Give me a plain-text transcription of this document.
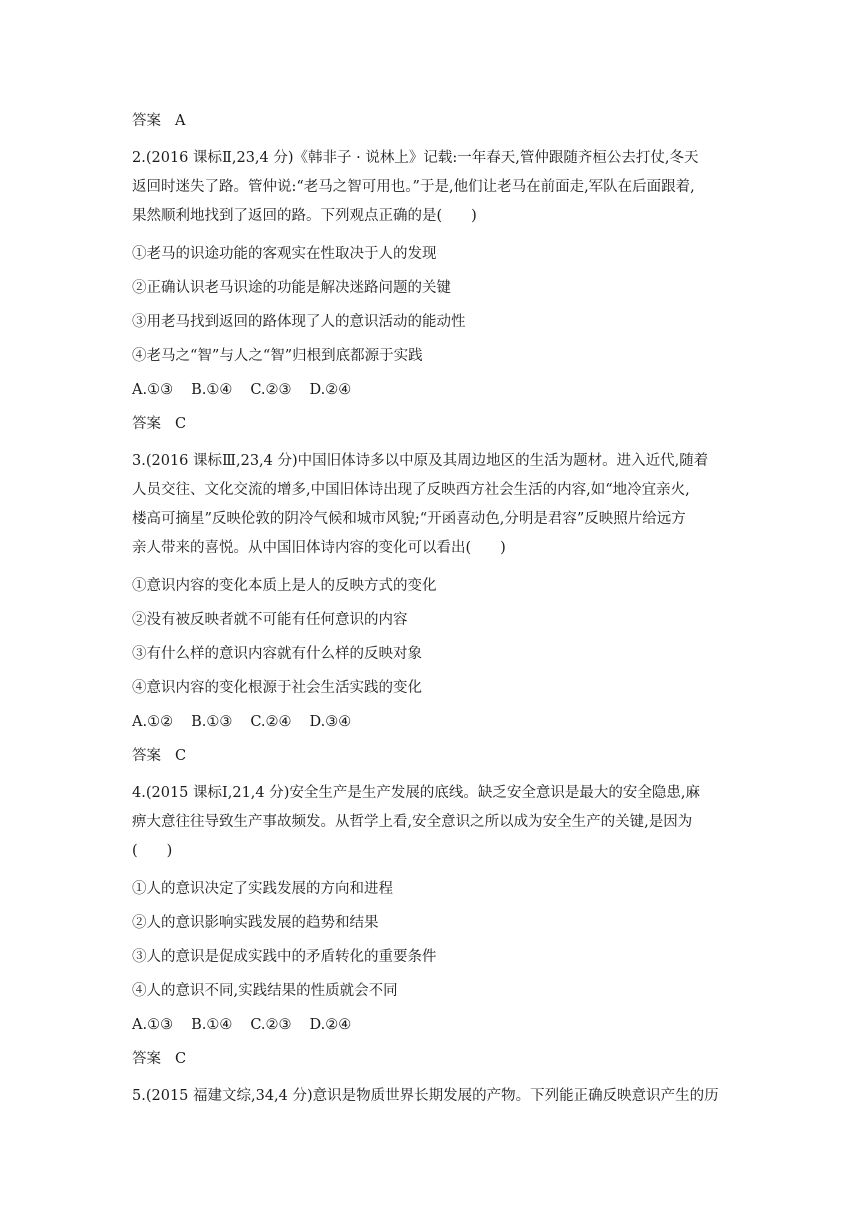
答案 A

2.(2016 课标Ⅱ,23,4 分)《韩非子 · 说林上》记载:一年春天,管仲跟随齐桓公去打仗,冬天

返回时迷失了路。管仲说:“老马之智可用也。”于是,他们让老马在前面走,军队在后面跟着,

果然顺利地找到了返回的路。下列观点正确的是(　　)

①老马的识途功能的客观实在性取决于人的发现

②正确认识老马识途的功能是解决迷路问题的关键

③用老马找到返回的路体现了人的意识活动的能动性

④老马之“智”与人之“智”归根到底都源于实践

A.①③ B.①④ C.②③ D.②④

答案 C

3.(2016 课标Ⅲ,23,4 分)中国旧体诗多以中原及其周边地区的生活为题材。进入近代,随着

人员交往、文化交流的增多,中国旧体诗出现了反映西方社会生活的内容,如“地冷宜亲火,

楼高可摘星”反映伦敦的阴冷气候和城市风貌;“开函喜动色,分明是君容”反映照片给远方

亲人带来的喜悦。从中国旧体诗内容的变化可以看出(　　)

①意识内容的变化本质上是人的反映方式的变化

②没有被反映者就不可能有任何意识的内容

③有什么样的意识内容就有什么样的反映对象

④意识内容的变化根源于社会生活实践的变化

A.①② B.①③ C.②④ D.③④

答案 C

4.(2015 课标Ⅰ,21,4 分)安全生产是生产发展的底线。缺乏安全意识是最大的安全隐患,麻

痹大意往往导致生产事故频发。从哲学上看,安全意识之所以成为安全生产的关键,是因为

(　　)

①人的意识决定了实践发展的方向和进程

②人的意识影响实践发展的趋势和结果

③人的意识是促成实践中的矛盾转化的重要条件

④人的意识不同,实践结果的性质就会不同

A.①③ B.①④ C.②③ D.②④

答案 C

5.(2015 福建文综,34,4 分)意识是物质世界长期发展的产物。下列能正确反映意识产生的历
